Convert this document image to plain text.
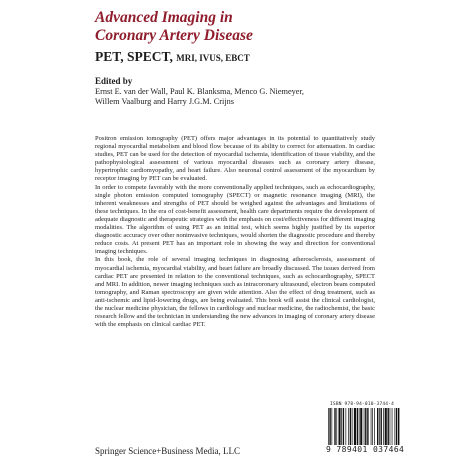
Advanced Imaging in
Coronary Artery Disease
PET, SPECT, MRI, IVUS, EBCT
Edited by
Ernst E. van der Wall, Paul K. Blanksma, Menco G. Niemeyer,
Willem Vaalburg and Harry J.G.M. Crijns

Positron emission tomography (PET) offers major advantages in its potential to quantitatively study regional myocardial metabolism and blood flow because of its ability to correct for attenuation. In cardiac studies, PET can be used for the detection of myocardial ischemia, identification of tissue viability, and the pathophysiological assessment of various myocardial diseases such as coronary artery disease, hypertrophic cardiomyopathy, and heart failure. Also neuronal control assessment of the myocardium by receptor imaging by PET can be evaluated.

In order to compete favorably with the more conventionally applied techniques, such as echocardiography, single photon emission computed tomography (SPECT) or magnetic resonance imaging (MRI), the inherent weaknesses and strengths of PET should be weighed against the advantages and limitations of these techniques. In the era of cost-benefit assessment, health care departments require the development of adequate diagnostic and therapeutic strategies with the emphasis on cost/effectiveness for different imaging modalities. The algorithm of using PET as an initial test, which seems highly justified by its superior diagnostic accuracy over other noninvasive techniques, would shorten the diagnostic procedure and thereby reduce costs. At present PET has an important role in showing the way and direction for conventional imaging techniques.

In this book, the role of several imaging techniques in diagnosing atherosclerosis, assessment of myocardial ischemia, myocardial viability, and heart failure are broadly discussed. The issues derived from cardiac PET are presented in relation to the conventional techniques, such as echocardiography, SPECT and MRI. In addition, newer imaging techniques such as intracoronary ultrasound, electron beam computed tomography, and Raman spectroscopy are given wide attention. Also the effect of drug treatment, such as anti-ischemic and lipid-lowering drugs, are being evaluated. This book will assist the clinical cardiologist, the nuclear medicine physician, the fellows in cardiology and nuclear medicine, the radiochemist, the basic research fellow and the technician in understanding the new advances in imaging of coronary artery disease with the emphasis on clinical cardiac PET.

ISBN 978-94-010-3744-4
9 789401 037464
Springer Science+Business Media, LLC
